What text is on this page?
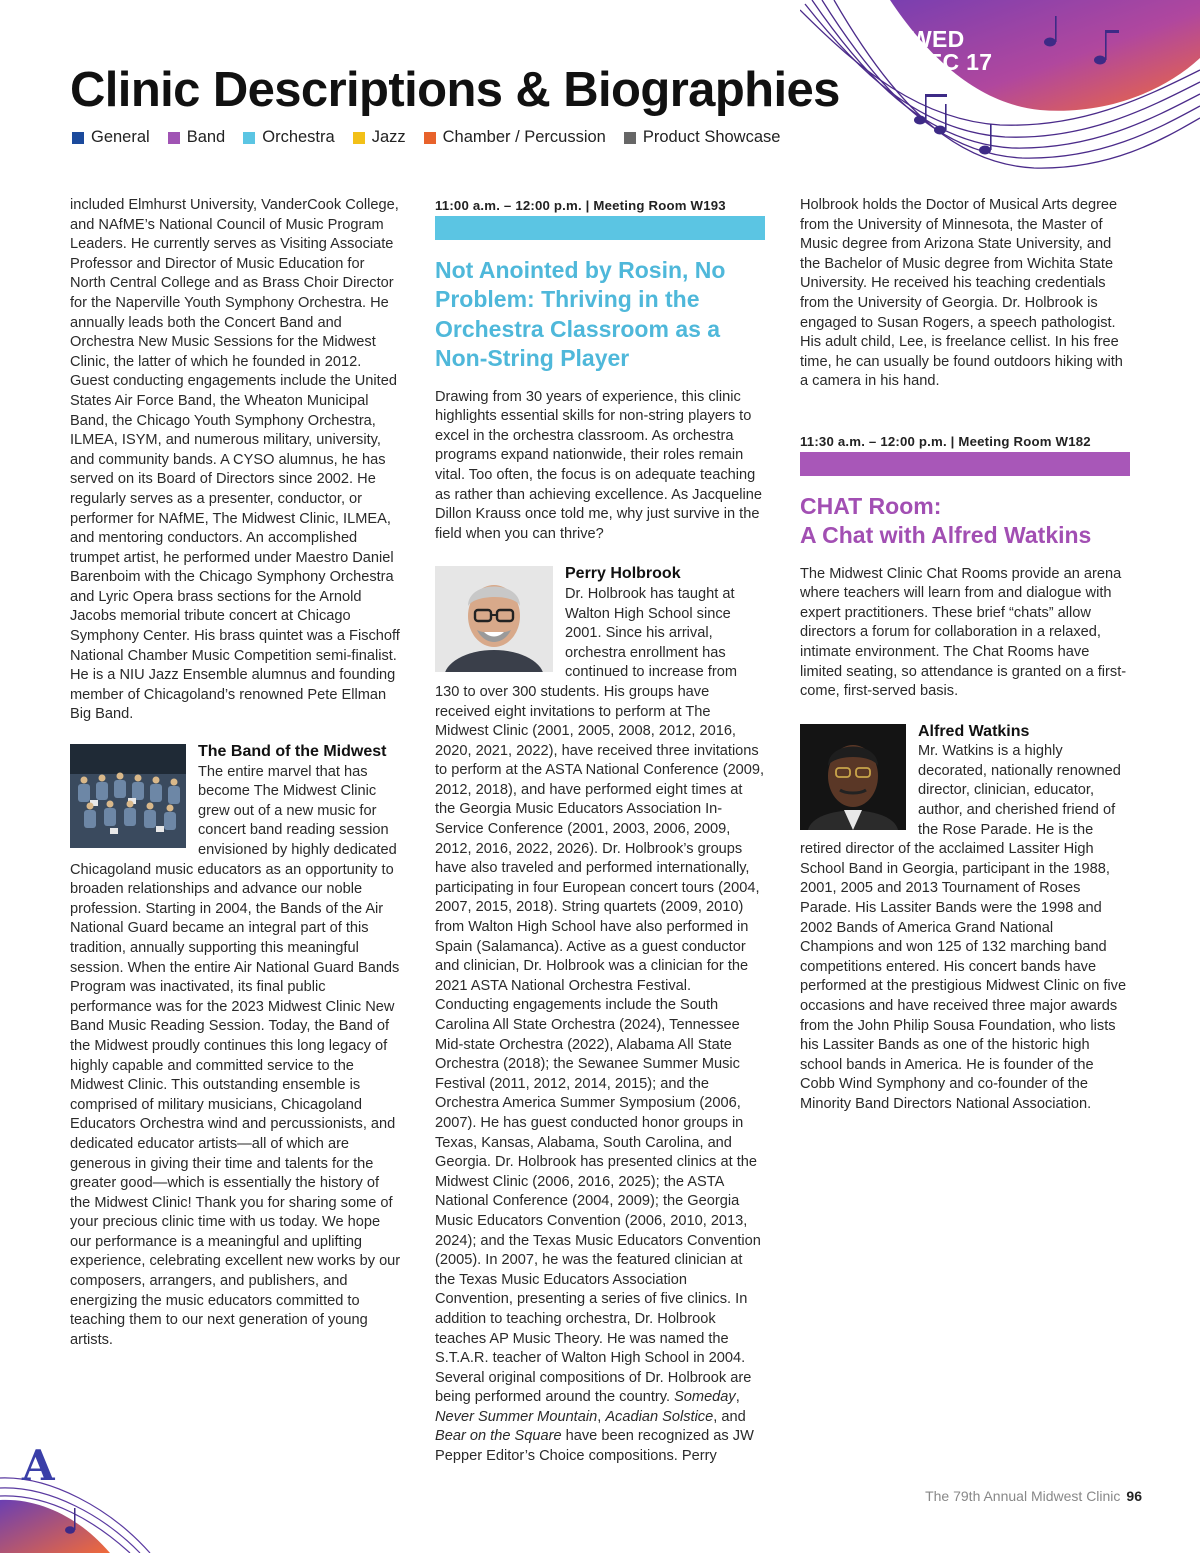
WED
DEC 17
Clinic Descriptions & Biographies
General Band Orchestra Jazz Chamber / Percussion Product Showcase

included Elmhurst University, VanderCook College, and NAfME’s National Council of Music Program Leaders. He currently serves as Visiting Associate Professor and Director of Music Education for North Central College and as Brass Choir Director for the Naperville Youth Symphony Orchestra. He annually leads both the Concert Band and Orchestra New Music Sessions for the Midwest Clinic, the latter of which he founded in 2012. Guest conducting engagements include the United States Air Force Band, the Wheaton Municipal Band, the Chicago Youth Symphony Orchestra, ILMEA, ISYM, and numerous military, university, and community bands. A CYSO alumnus, he has served on its Board of Directors since 2002. He regularly serves as a presenter, conductor, or performer for NAfME, The Midwest Clinic, ILMEA, and mentoring conductors. An accomplished trumpet artist, he performed under Maestro Daniel Barenboim with the Chicago Symphony Orchestra and Lyric Opera brass sections for the Arnold Jacobs memorial tribute concert at Chicago Symphony Center. His brass quintet was a Fischoff National Chamber Music Competition semi-finalist. He is a NIU Jazz Ensemble alumnus and founding member of Chicagoland’s renowned Pete Ellman Big Band.

The Band of the Midwest
The entire marvel that has become The Midwest Clinic grew out of a new music for concert band reading session envisioned by highly dedicated Chicagoland music educators as an opportunity to broaden relationships and advance our noble profession. Starting in 2004, the Bands of the Air National Guard became an integral part of this tradition, annually supporting this meaningful session. When the entire Air National Guard Bands Program was inactivated, its final public performance was for the 2023 Midwest Clinic New Band Music Reading Session. Today, the Band of the Midwest proudly continues this long legacy of highly capable and committed service to the Midwest Clinic. This outstanding ensemble is comprised of military musicians, Chicagoland Educators Orchestra wind and percussionists, and dedicated educator artists—all of which are generous in giving their time and talents for the greater good—which is essentially the history of the Midwest Clinic! Thank you for sharing some of your precious clinic time with us today. We hope our performance is a meaningful and uplifting experience, celebrating excellent new works by our composers, arrangers, and publishers, and energizing the music educators committed to teaching them to our next generation of young artists.

11:00 a.m. – 12:00 p.m. | Meeting Room W193

Not Anointed by Rosin, No Problem: Thriving in the Orchestra Classroom as a Non-String Player

Drawing from 30 years of experience, this clinic highlights essential skills for non-string players to excel in the orchestra classroom. As orchestra programs expand nationwide, their roles remain vital. Too often, the focus is on adequate teaching as rather than achieving excellence. As Jacqueline Dillon Krauss once told me, why just survive in the field when you can thrive?

Perry Holbrook
Dr. Holbrook has taught at Walton High School since 2001. Since his arrival, orchestra enrollment has continued to increase from 130 to over 300 students. His groups have received eight invitations to perform at The Midwest Clinic (2001, 2005, 2008, 2012, 2016, 2020, 2021, 2022), have received three invitations to perform at the ASTA National Conference (2009, 2012, 2018), and have performed eight times at the Georgia Music Educators Association In-Service Conference (2001, 2003, 2006, 2009, 2012, 2016, 2022, 2026). Dr. Holbrook’s groups have also traveled and performed internationally, participating in four European concert tours (2004, 2007, 2015, 2018). String quartets (2009, 2010) from Walton High School have also performed in Spain (Salamanca). Active as a guest conductor and clinician, Dr. Holbrook was a clinician for the 2021 ASTA National Orchestra Festival. Conducting engagements include the South Carolina All State Orchestra (2024), Tennessee Mid-state Orchestra (2022), Alabama All State Orchestra (2018); the Sewanee Summer Music Festival (2011, 2012, 2014, 2015); and the Orchestra America Summer Symposium (2006, 2007). He has guest conducted honor groups in Texas, Kansas, Alabama, South Carolina, and Georgia. Dr. Holbrook has presented clinics at the Midwest Clinic (2006, 2016, 2025); the ASTA National Conference (2004, 2009); the Georgia Music Educators Convention (2006, 2010, 2013, 2024); and the Texas Music Educators Convention (2005). In 2007, he was the featured clinician at the Texas Music Educators Association Convention, presenting a series of five clinics. In addition to teaching orchestra, Dr. Holbrook teaches AP Music Theory. He was named the S.T.A.R. teacher of Walton High School in 2004. Several original compositions of Dr. Holbrook are being performed around the country. Someday, Never Summer Mountain, Acadian Solstice, and Bear on the Square have been recognized as JW Pepper Editor’s Choice compositions. Perry

Holbrook holds the Doctor of Musical Arts degree from the University of Minnesota, the Master of Music degree from Arizona State University, and the Bachelor of Music degree from Wichita State University. He received his teaching credentials from the University of Georgia. Dr. Holbrook is engaged to Susan Rogers, a speech pathologist. His adult child, Lee, is freelance cellist. In his free time, he can usually be found outdoors hiking with a camera in his hand.

11:30 a.m. – 12:00 p.m. | Meeting Room W182

CHAT Room:
A Chat with Alfred Watkins

The Midwest Clinic Chat Rooms provide an arena where teachers will learn from and dialogue with expert practitioners. These brief “chats” allow directors a forum for collaboration in a relaxed, intimate environment. The Chat Rooms have limited seating, so attendance is granted on a first-come, first-served basis.

Alfred Watkins
Mr. Watkins is a highly decorated, nationally renowned director, clinician, educator, author, and cherished friend of the Rose Parade. He is the retired director of the acclaimed Lassiter High School Band in Georgia, participant in the 1988, 2001, 2005 and 2013 Tournament of Roses Parade. His Lassiter Bands were the 1998 and 2002 Bands of America Grand National Champions and won 125 of 132 marching band competitions entered. His concert bands have performed at the prestigious Midwest Clinic on five occasions and have received three major awards from the John Philip Sousa Foundation, who lists his Lassiter Bands as one of the historic high school bands in America. He is founder of the Cobb Wind Symphony and co-founder of the Minority Band Directors National Association.

A
The 79th Annual Midwest Clinic 96
